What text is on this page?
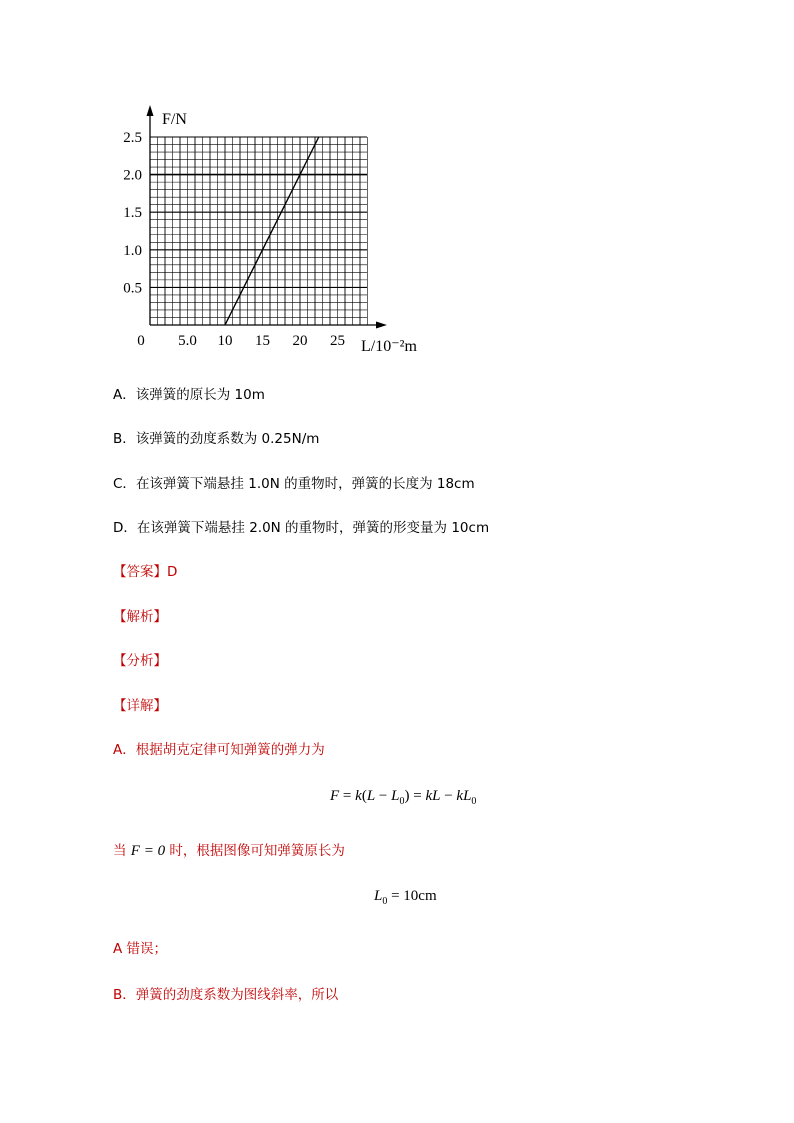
0.5
1.0
1.5
2.0
2.5
5.0 10 15 20 25
0
F/N
L/10⁻²m
A．该弹簧的原长为 10m
B．该弹簧的劲度系数为 0.25N/m
C．在该弹簧下端悬挂 1.0N 的重物时，弹簧的长度为 18cm
D．在该弹簧下端悬挂 2.0N 的重物时，弹簧的形变量为 10cm
【答案】D
【解析】
【分析】
【详解】
A．根据胡克定律可知弹簧的弹力为
$F = k(L - L_0)$ = kL − $kL_0$
当 F = 0 时，根据图像可知弹簧原长为
$L_0 = 10cm$
A 错误；
B．弹簧的劲度系数为图线斜率，所以
